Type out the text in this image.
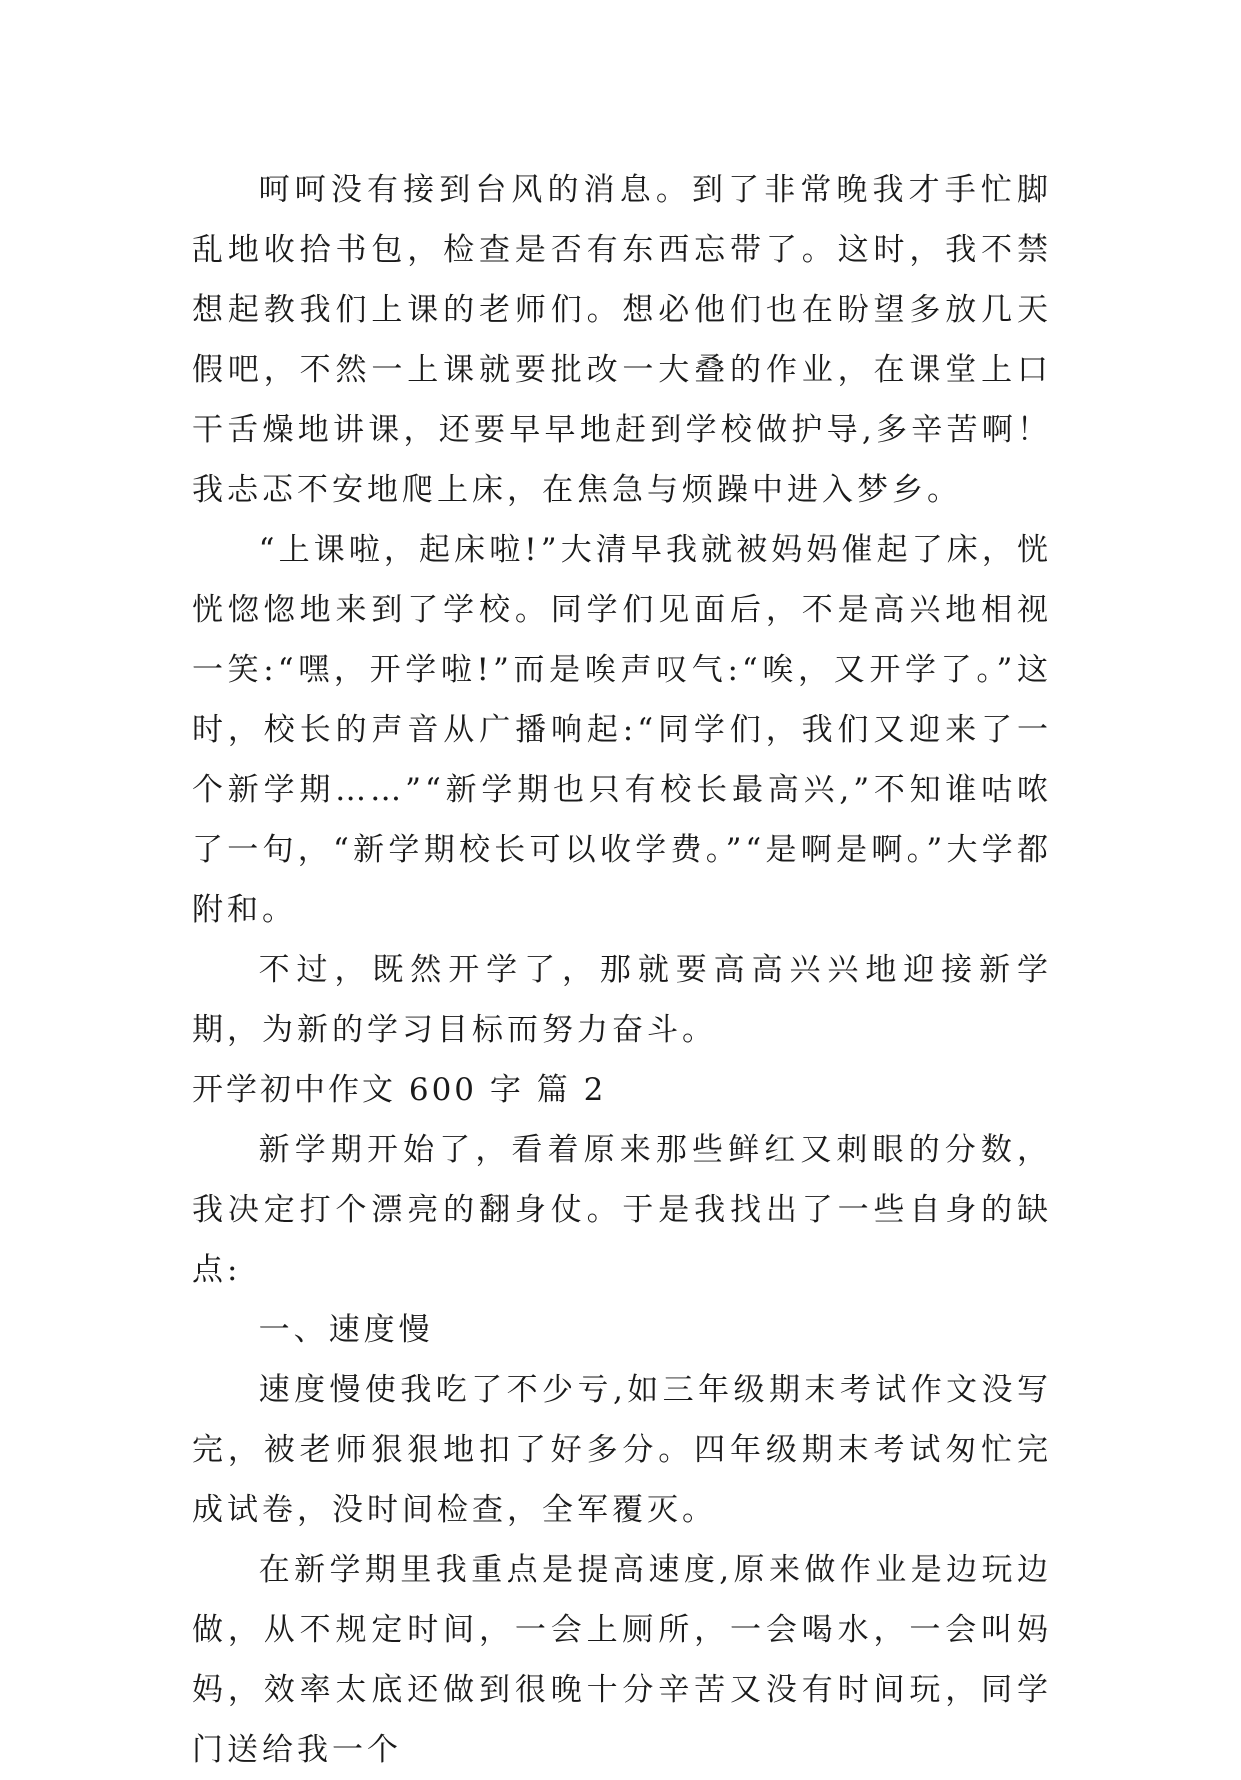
呵呵没有接到台风的消息。到了非常晚我才手忙脚乱地收拾书包，检查是否有东西忘带了。这时，我不禁想起教我们上课的老师们。想必他们也在盼望多放几天假吧，不然一上课就要批改一大叠的作业，在课堂上口干舌燥地讲课，还要早早地赶到学校做护导,多辛苦啊！我忐忑不安地爬上床，在焦急与烦躁中进入梦乡。

“上课啦，起床啦!”大清早我就被妈妈催起了床，恍恍惚惚地来到了学校。同学们见面后，不是高兴地相视一笑:“嘿，开学啦!”而是唉声叹气:“唉，又开学了。”这时，校长的声音从广播响起:“同学们，我们又迎来了一个新学期……”“新学期也只有校长最高兴,”不知谁咕哝了一句，“新学期校长可以收学费。”“是啊是啊。”大学都附和。

不过，既然开学了，那就要高高兴兴地迎接新学期，为新的学习目标而努力奋斗。

开学初中作文 600 字 篇 2

新学期开始了，看着原来那些鲜红又刺眼的分数，我决定打个漂亮的翻身仗。于是我找出了一些自身的缺点:

一、速度慢

速度慢使我吃了不少亏,如三年级期末考试作文没写完，被老师狠狠地扣了好多分。四年级期末考试匆忙完成试卷，没时间检查，全军覆灭。

在新学期里我重点是提高速度,原来做作业是边玩边做，从不规定时间，一会上厕所，一会喝水，一会叫妈妈，效率太底还做到很晚十分辛苦又没有时间玩，同学门送给我一个
